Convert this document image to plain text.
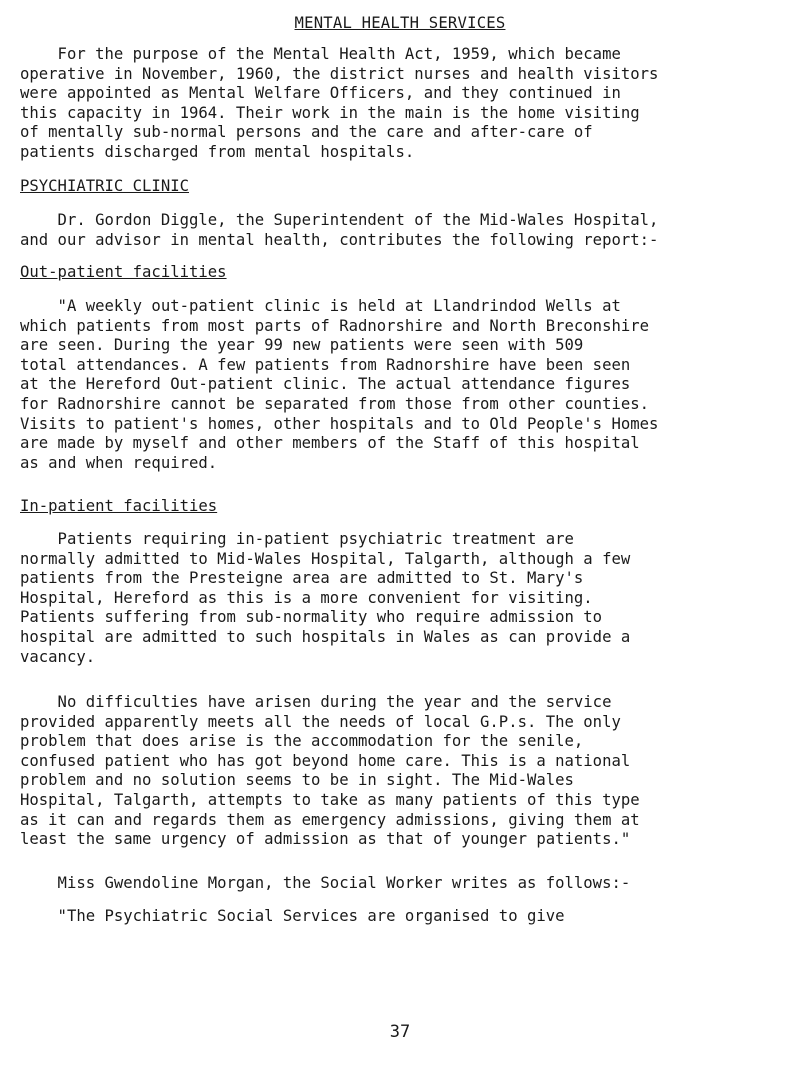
MENTAL HEALTH SERVICES

For the purpose of the Mental Health Act, 1959, which became
operative in November, 1960, the district nurses and health visitors
were appointed as Mental Welfare Officers, and they continued in
this capacity in 1964. Their work in the main is the home visiting
of mentally sub-normal persons and the care and after-care of
patients discharged from mental hospitals.

PSYCHIATRIC CLINIC

Dr. Gordon Diggle, the Superintendent of the Mid-Wales Hospital,
and our advisor in mental health, contributes the following report:-

Out-patient facilities

"A weekly out-patient clinic is held at Llandrindod Wells at
which patients from most parts of Radnorshire and North Breconshire
are seen. During the year 99 new patients were seen with 509
total attendances. A few patients from Radnorshire have been seen
at the Hereford Out-patient clinic. The actual attendance figures
for Radnorshire cannot be separated from those from other counties.
Visits to patient's homes, other hospitals and to Old People's Homes
are made by myself and other members of the Staff of this hospital
as and when required.

In-patient facilities

Patients requiring in-patient psychiatric treatment are
normally admitted to Mid-Wales Hospital, Talgarth, although a few
patients from the Presteigne area are admitted to St. Mary's
Hospital, Hereford as this is a more convenient for visiting.
Patients suffering from sub-normality who require admission to
hospital are admitted to such hospitals in Wales as can provide a
vacancy.

No difficulties have arisen during the year and the service
provided apparently meets all the needs of local G.P.s. The only
problem that does arise is the accommodation for the senile,
confused patient who has got beyond home care. This is a national
problem and no solution seems to be in sight. The Mid-Wales
Hospital, Talgarth, attempts to take as many patients of this type
as it can and regards them as emergency admissions, giving them at
least the same urgency of admission as that of younger patients."

Miss Gwendoline Morgan, the Social Worker writes as follows:-

"The Psychiatric Social Services are organised to give

37
